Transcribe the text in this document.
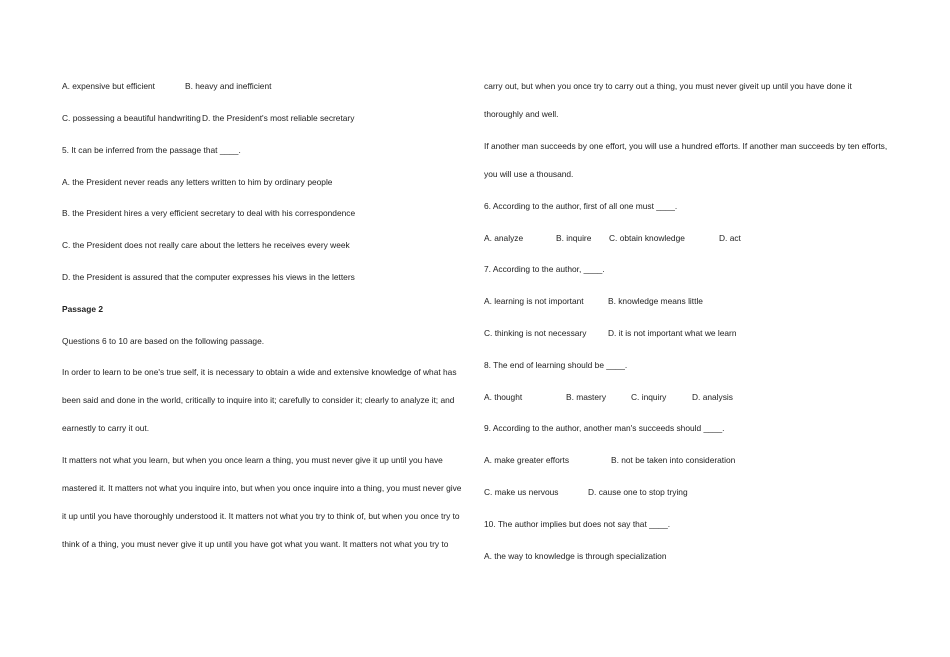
A. expensive but efficient	B. heavy and inefficient
C. possessing a beautiful handwritingD. the President's most reliable secretary
5. It can be inferred from the passage that ____.
A. the President never reads any letters written to him by ordinary people
B. the President hires a very efficient secretary to deal with his correspondence
C. the President does not really care about the letters he receives every week
D. the President is assured that the computer expresses his views in the letters
Passage 2
Questions 6 to 10 are based on the following passage.
In order to learn to be one's true self, it is necessary to obtain a wide and extensive knowledge of what has
been said and done in the world, critically to inquire into it; carefully to consider it; clearly to analyze it; and
earnestly to carry it out.
It matters not what you learn, but when you once learn a thing, you must never give it up until you have
mastered it. It matters not what you inquire into, but when you once inquire into a thing, you must never give
it up until you have thoroughly understood it. It matters not what you try to think of, but when you once try to
think of a thing, you must never give it up until you have got what you want. It matters not what you try to
carry out, but when you once try to carry out a thing, you must never giveit up until you have done it
thoroughly and well.
If another man succeeds by one effort, you will use a hundred efforts. If another man succeeds by ten efforts,
you will use a thousand.
6. According to the author, first of all one must ____.
A. analyze	B. inquire C. obtain knowledge	D. act
7. According to the author, ____.
A. learning is not important	B. knowledge means little
C. thinking is not necessary	D. it is not important what we learn
8. The end of learning should be ____.
A. thought	B. mastery	C. inquiry	D. analysis
9. According to the author, another man's succeeds should ____.
A. make greater efforts	B. not be taken into consideration
C. make us nervous	D. cause one to stop trying
10. The author implies but does not say that ____.
A. the way to knowledge is through specialization
